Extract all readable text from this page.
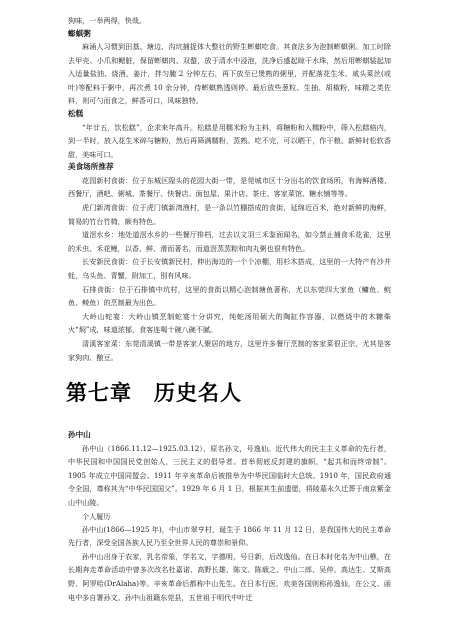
狗味，一举两得，快哉。

蟛蜞粥

麻涌人习惯到田基、塘边、沟坑捕捉体大整壮的野生蟛蜞吃食。其食法多为泡制蟛蜞粥。加工时除去甲壳、小爪和鳃脏，保留蟛蜞肉、双螯，放于清水中浸泡，洗净后盛起晾干水珠，然后用蟛蜞装起加入适量盐油、烧酒，姜汁，拌匀腌 2 分钟左右，再下放至已煲熟的粥里，并配落花生米、咸头菜丝(或叶)等配料于粥中，再次煮 10 余分钟，待蟛蜞熟透则停。最后放些葱粒、生抽、胡椒粉，味精之类佐料，则可勺而食之，鲜香可口，风味独特。

松糕

“年廿五，饮松糕”，企求来年高升。松糕是用糯米粉为主料，将糖粉和入糯粉中，筛入松糕格内，到一半时，放入花生米碎与糖粉，然后再筛满糯粉，蒸熟。吃不完，可以晒干，作干粮。新鲜时松软香甜，美味可口。

美食场所推荐

花园新村食街：位于东城区隍头的花园大街一带，是莞城市区十分出名的饮食场所，有海鲜酒楼、西餐厅，酒吧、粥城、茶餐厅、快餐店、面包屋、果汁店、茶庄、客家菜馆、糖水铺等等。

虎门新湾食街：位于虎门镇新湾渔村，是一条以竹棚搭成的食街，延绵近百米，绝对新鲜的海鲜，简易的竹台竹椅，颇有特色。

道滘水乡：地处道滘水乡的一些餐厅排档，过去以文羽三禾鉴面闻名，如今禁止捕食禾花雀，这里的禾虫、禾花鲤，以香、鲜、滑而著名，而道滘蒸蒸粽和肉丸粥也很有特色。

长安新民食街：位于长安镇新民村，伸出海边的一个个凉棚，用杉木搭成，这里的一大特产有沙井蚝、乌头鱼、青蟹，附加工，別有风味。

石排食街：位于石排镇中坑村，这里的食街以精心泡制塘鱼著称，尤以东莞四大家鱼（鳙鱼、鲩鱼、鲮鱼）的烹制最为出色。

大岭山蛇宴：大岭山镇烹制蛇宴十分讲究，纯蛇汤用硕大的陶缸作容器，以燃烧中的木糠柴火“焖”成，味道浓郁，食客连喝十碗八碗不腻。

清溪客家菜：东莞清溪镇一带是客家人聚居的地方，这里许多餐厅烹制的客家菜很正宗，尤其是客家狗肉、酿豆。

第七章 历史名人
孙中山

孙中山（1866.11.12—1925.03.12），原名孙文，号逸仙。近代伟大的民主主义革命的先行者，中华民国和中国国民党创始人，三民主义的倡导者。首举彻底反封建的旗帜，“起共和而终帝制”。1905 年成立中国同盟会。1911 年辛亥革命后被推举为中华民国临时大总统。1910 年，国民政府通令全国，尊称其为“中华民国国父”。1929 年 6 月 1 日，根据其生前遗愿，将陵墓永久迁葬于南京紫金山中山陵。

个人履历

孙中山(1866—1925 年)，中山市翠亨村，诞生于 1866 年 11 月 12 日，是我国伟大的民主革命先行者，深受全国各族人民乃至全世界人民的尊崇和景仰。

孙中山出身于农家，乳名帝象，学名文，字德明，号日新，后改逸仙。在日本时化名为中山樵，在长期奔走革命活动中曾多次改名杜嘉诺、高野长雄、陈文、陈载之、中山二郎、吴仲、高达生、艾斯高野、阿罗哈(DrAlaha)等。辛亥革命后都称中山先生。在日本行医，欢美各国则称孙逸仙，在公文、函电中多自署孙文。孙中山祖籍东莞县，五世祖于明代中叶迁
